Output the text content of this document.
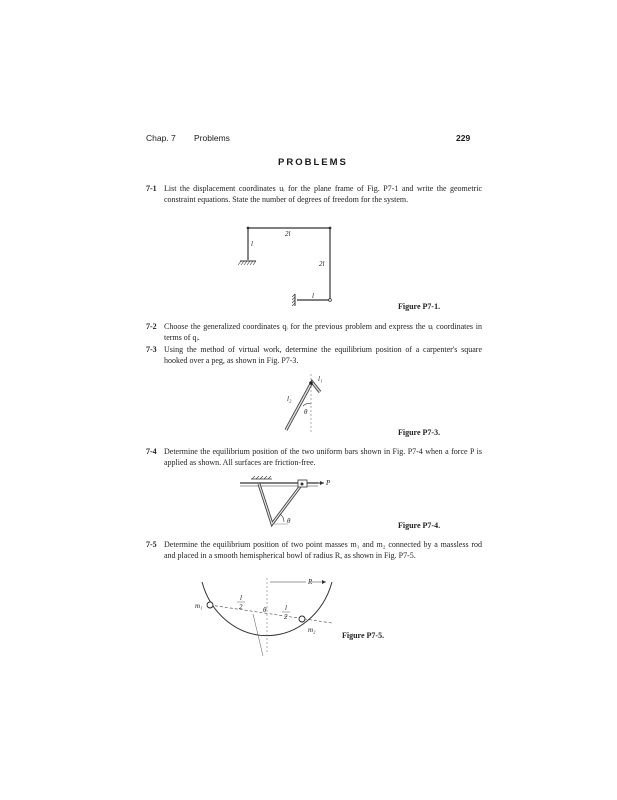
Chap. 7 Problems	229
PROBLEMS
7-1 List the displacement coordinates uᵢ for the plane frame of Fig. P7-1 and write the geometric constraint equations. State the number of degrees of freedom for the system.
2l
l
2l
l
Figure P7-1.
7-2 Choose the generalized coordinates qᵢ for the previous problem and express the uᵢ coordinates in terms of qᵢ.
7-3 Using the method of virtual work, determine the equilibrium position of a carpenter's square hooked over a peg, as shown in Fig. P7-3.
l₁
l₂
θ
Figure P7-3.
7-4 Determine the equilibrium position of the two uniform bars shown in Fig. P7-4 when a force P is applied as shown. All surfaces are friction-free.
P
θ	Figure P7-4.
7-5 Determine the equilibrium position of two point masses m₁ and m₂ connected by a massless rod and placed in a smooth hemispherical bowl of radius R, as shown in Fig. P7-5.
R
m₁
m₂
θ
l
2	l
2
Figure P7-5.
